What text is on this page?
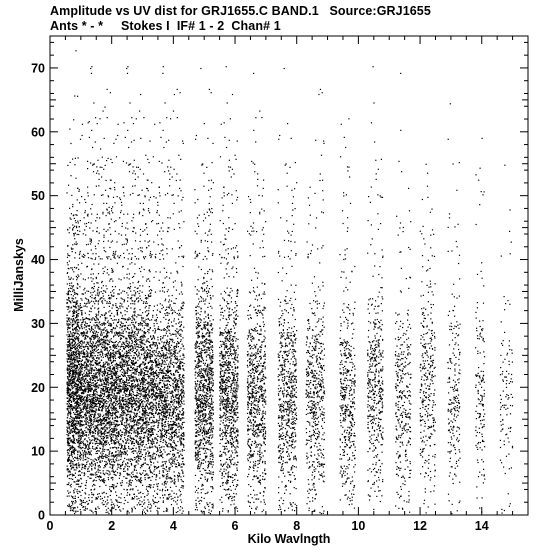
Amplitude vs UV dist for GRJ1655.C BAND.1   Source:GRJ1655
Ants * - *     Stokes I  IF# 1 - 2  Chan# 1
0	2	4	6	8	10	12	14
0
10
20
30
40
50
60
70
Kilo Wavlngth
MilliJanskys
